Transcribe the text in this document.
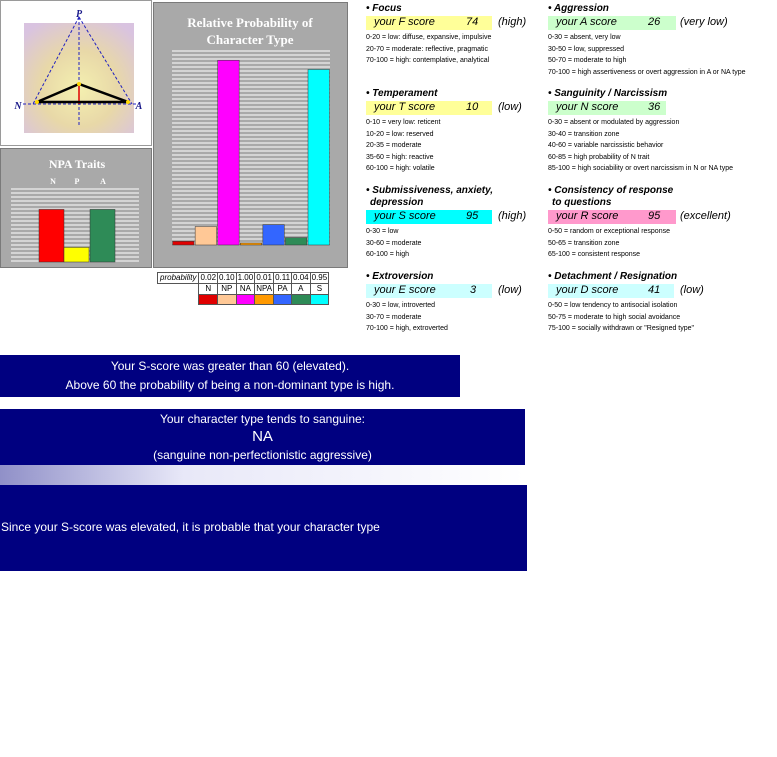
P
N	A
Relative Probability of
Character Type
NPA Traits
N P	A
probability	0.02	0.10	1.00	0.01	0.11	0.04	0.95
	N	NP	NA	NPA	PA	A	S

• Focus
your F score	74 (high)
0-20 = low: diffuse, expansive, impulsive
20-70 = moderate: reflective, pragmatic
70-100 = high: contemplative, analytical
• Temperament
your T score	10 (low)
0-10 = very low: reticent
10-20 = low: reserved
20-35 = moderate
35-60 = high: reactive
60-100 = high: volatile
• Submissiveness, anxiety,
depression
your S score	95 (high)
0-30 = low
30-60 = moderate
60-100 = high
• Extroversion
your E score	3 (low)
0-30 = low, introverted
30-70 = moderate
70-100 = high, extroverted
• Aggression
your A score	26 (very low)
0-30 = absent, very low
30-50 = low, suppressed
50-70 = moderate to high
70-100 = high assertiveness or overt aggression in A or NA type
• Sanguinity / Narcissism
your N score	36
0-30 = absent or modulated by aggression
30-40 = transition zone
40-60 = variable narcissistic behavior
60-85 = high probability of N trait
85-100 = high sociability or overt narcissism in N or NA type
• Consistency of response
to questions
your R score	95 (excellent)
0-50 = random or exceptional response
50-65 = transition zone
65-100 = consistent response
• Detachment / Resignation
your D score	41 (low)
0-50 = low tendency to antisocial isolation
50-75 = moderate to high social avoidance
75-100 = socially withdrawn or "Resigned type"
Your S-score was greater than 60 (elevated).
Above 60 the probability of being a non-dominant type is high.
Your character type tends to sanguine:
NA
(sanguine non-perfectionistic aggressive)

Since your S-score was elevated, it is probable that your character type

is a variant sanguine aggressive type:

Sanguine aggressive (NA) with tendency to passive aggressiveness or bipolar behavior.

Note: the N score can be modulated (lowered here) by trait aggression in NA types.

? predisposition to social avoidance or depression in NA- type.
